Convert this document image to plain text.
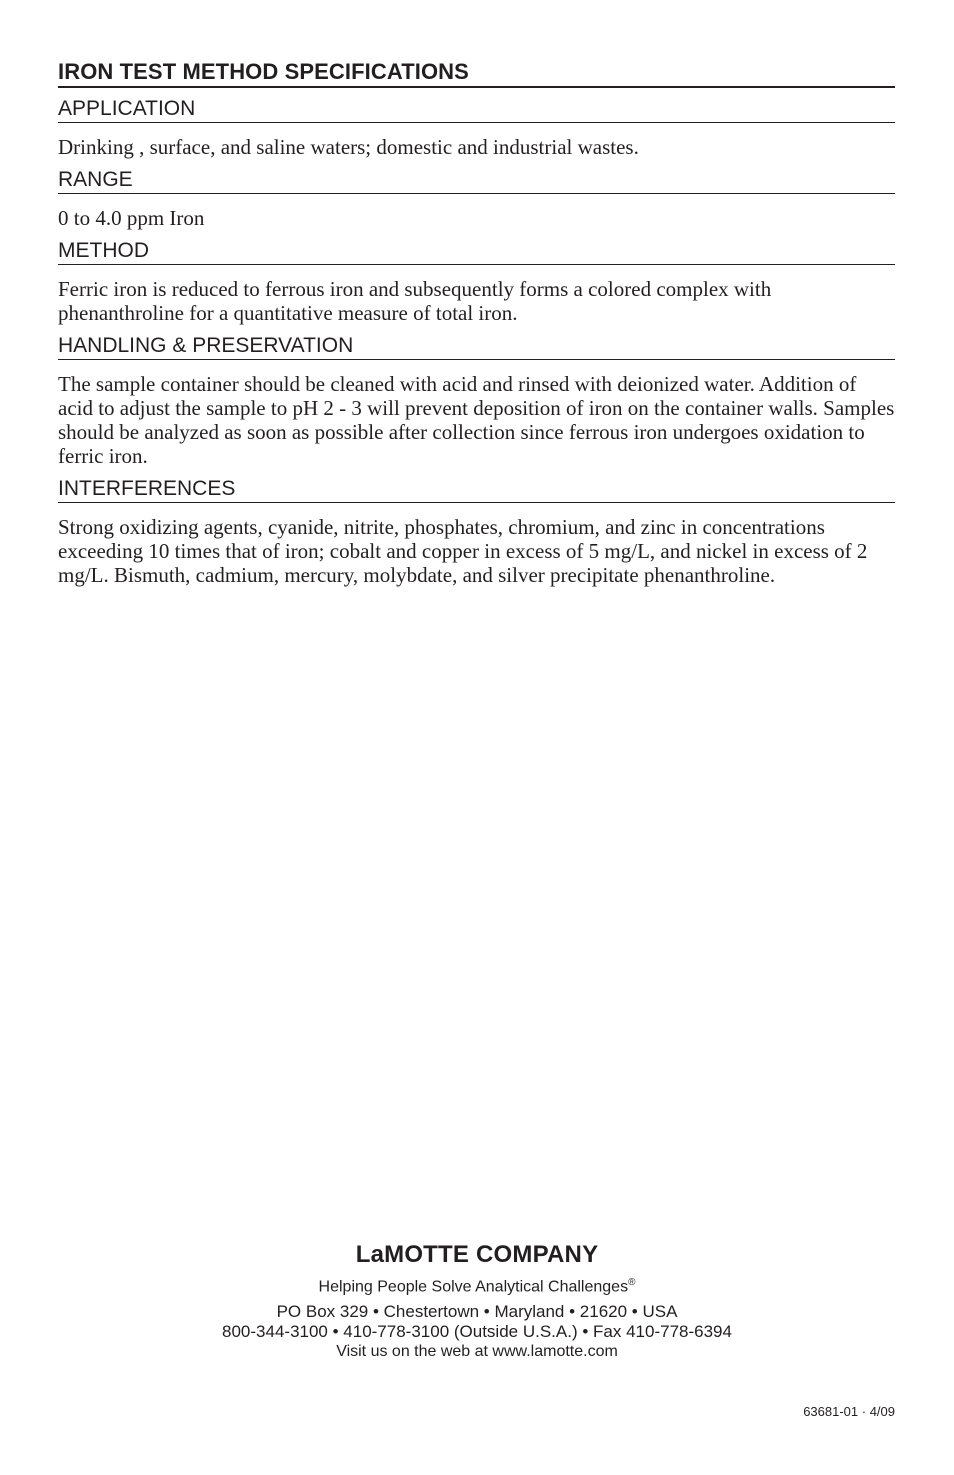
IRON TEST METHOD SPECIFICATIONS
APPLICATION

Drinking , surface, and saline waters; domestic and industrial wastes.

RANGE

0 to 4.0 ppm Iron

METHOD

Ferric iron is reduced to ferrous iron and subsequently forms a colored complex with phenanthroline for a quantitative measure of total iron.

HANDLING & PRESERVATION

The sample container should be cleaned with acid and rinsed with deionized water. Addition of acid to adjust the sample to pH 2 - 3 will prevent deposition of iron on the container walls. Samples should be analyzed as soon as possible after collection since ferrous iron undergoes oxidation to ferric iron.

INTERFERENCES

Strong oxidizing agents, cyanide, nitrite, phosphates, chromium, and zinc in concentrations exceeding 10 times that of iron; cobalt and copper in excess of 5 mg/L, and nickel in excess of 2 mg/L. Bismuth, cadmium, mercury, molybdate, and silver precipitate phenanthroline.

LaMOTTE COMPANY
Helping People Solve Analytical Challenges®
PO Box 329 • Chestertown • Maryland • 21620 • USA
800-344-3100 • 410-778-3100 (Outside U.S.A.) • Fax 410-778-6394
Visit us on the web at www.lamotte.com
63681-01 · 4/09
